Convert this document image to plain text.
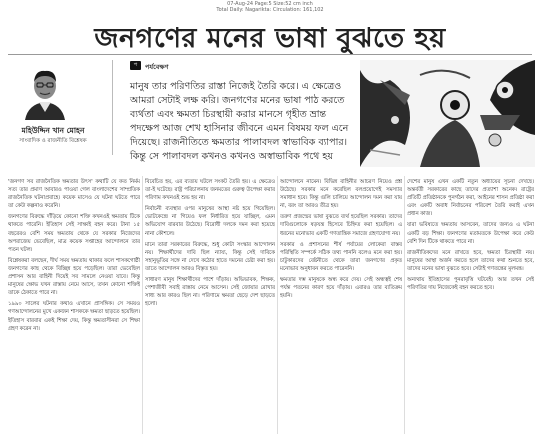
07-Aug-24 Page:5 Size:52 cm inch
Total Daily: Nagarikta: Circulation: 161,102
জনগণের মনের ভাষা বুঝতে হয়
মহিউদ্দিন খান মোহন
সাংবাদিক ও রাজনীতি বিশ্লেষক
প	পর্যবেক্ষণ
মানুষ তার পরিণতির রাস্তা নিজেই তৈরি করে। এ ক্ষেত্রেও আমরা সেটাই লক্ষ করি। জনগণের মনের ভাষা পাঠ করতে ব্যর্থতা এবং ক্ষমতা চিরস্থায়ী করার মানসে গৃহীত ভ্রান্ত পদক্ষেপ আজ শেখ হাসিনার জীবনে এমন বিষময় ফল এনে দিয়েছে। রাজনীতিতে ক্ষমতার পালাবদল স্বাভাবিক ব্যাপার। কিন্তু সে পালাবদল কখনও কখনও অস্বাভাবিক পথে হয়

'জনগণ সব রাজনৈতিক ক্ষমতার উৎস' কথাটি যে কত নির্মম সত্য তার প্রমাণ আবারও পাওয়া গেল বাংলাদেশের সাম্প্রতিক রাজনৈতিক ঘটনাপ্রবাহে। কয়েক মাসেও যে ঘটনা ঘটতে পারে তা কেউ কল্পনাও করেনি।

জনগণের বিরুদ্ধে দাঁড়িয়ে কোনো শক্তি কখনওই ক্ষমতায় টিকে থাকতে পারেনি। ইতিহাস সেই সাক্ষ্যই বহন করে। টানা ১৫ বছরেরও বেশি সময় ক্ষমতায় থেকে যে সরকার নিজেদের অপরাজেয় ভেবেছিল, মাত্র কয়েক সপ্তাহের আন্দোলনে তার পতন ঘটল।

বিশ্লেষকরা বলছেন, দীর্ঘ সময় ক্ষমতায় থাকার ফলে শাসকগোষ্ঠী জনগণের কাছ থেকে বিচ্ছিন্ন হয়ে পড়েছিল। তারা ভেবেছিল প্রশাসন আর বাহিনী দিয়েই সব সামলে নেওয়া যাবে। কিন্তু মানুষের ক্ষোভ যখন রাস্তায় নেমে আসে, তখন কোনো শক্তিই তাকে ঠেকাতে পারে না।

১৯৯০ সালের ঘটনার কথাও এখানে প্রাসঙ্গিক। সে সময়ও গণআন্দোলনের মুখে একজন শাসককে ক্ষমতা ছাড়তে হয়েছিল। ইতিহাস বারবার একই শিক্ষা দেয়, কিন্তু ক্ষমতাসীনরা সে শিক্ষা গ্রহণ করেন না।

বিবেচিত হয়, এর ব্যত্যয় ঘটলে সংকট তৈরি হয়। এ ক্ষেত্রেও তা-ই ঘটেছে। রাষ্ট্র পরিচালনায় জনমতের গুরুত্ব উপেক্ষা করার পরিণাম কখনওই শুভ হয় না।

নির্বাচনী ব্যবস্থার ওপর মানুষের আস্থা নষ্ট হয়ে গিয়েছিল। ভোটকেন্দ্রে না গিয়েও ফল নির্ধারিত হয়ে যাচ্ছিল, এমন অভিযোগ বারবার উঠেছে। বিরোধী দলকে দমন করা হয়েছে নানা কৌশলে।

মানে তারা সরকারের বিরুদ্ধে, শুধু কোটা সংস্কার আন্দোলন নয়। শিক্ষার্থীদের দাবি ছিল ন্যায্য, কিন্তু সেই দাবিকে সহানুভূতির সঙ্গে না দেখে কঠোর হাতে দমনের চেষ্টা করা হয়। তাতে আন্দোলন আরও বিস্তৃত হয়।

সাধারণ মানুষ শিক্ষার্থীদের পাশে দাঁড়ায়। অভিভাবক, শিক্ষক, পেশাজীবী সবাই রাস্তায় নেমে আসেন। সেই জোয়ার রোখার সাধ্য আর কারও ছিল না। পরিণামে ক্ষমতা ছেড়ে দেশ ছাড়তে হলো।

আন্দোলনে নামেন। বিভিন্ন বাহিনীর আচরণ নিয়েও প্রশ্ন উঠেছে। সরকার মনে করেছিল বলপ্রয়োগেই সমস্যার সমাধান হবে। কিন্তু গুলি চালিয়ে আন্দোলন দমন করা যায় না, বরং তা আরও তীব্র হয়।

তরুণ প্রজন্মের ভাষা বুঝতে ব্যর্থ হয়েছিল সরকার। তাদের দাবিগুলোকে ষড়যন্ত্র হিসেবে চিহ্নিত করা হয়েছিল। এ ধরনের মনোভাব একটি গণতান্ত্রিক সমাজে গ্রহণযোগ্য নয়।

সরকার ও প্রশাসনের শীর্ষ পর্যায়ের লোকেরা বাস্তব পরিস্থিতি সম্পর্কে সঠিক তথ্য পাননি বলেও মনে করা হয়। চাটুকারদের বেষ্টনীতে থেকে তারা জনগণের প্রকৃত মনোভাব অনুধাবন করতে পারেননি।

ক্ষমতার দম্ভ মানুষকে অন্ধ করে দেয়। সেই অন্ধত্বই শেষ পর্যন্ত পতনের কারণ হয়ে দাঁড়ায়। এবারও তার ব্যতিক্রম হয়নি।

দেশের মানুষ এখন একটি নতুন অধ্যায়ের সূচনা দেখছে। অন্তর্বর্তী সরকারের কাছে তাদের প্রত্যাশা অনেক। রাষ্ট্রের প্রতিটি প্রতিষ্ঠানকে পুনর্গঠন করা, আইনের শাসন প্রতিষ্ঠা করা এবং একটি অবাধ নির্বাচনের পরিবেশ তৈরি করাই এখন প্রধান কাজ।

যারা ভবিষ্যতে ক্ষমতায় আসবেন, তাদের জন্যও এ ঘটনা একটি বড় শিক্ষা। জনগণের মতামতকে উপেক্ষা করে কেউ বেশি দিন টিকে থাকতে পারে না।

রাজনীতিকদের মনে রাখতে হবে, ক্ষমতা চিরস্থায়ী নয়। মানুষের আস্থা অর্জন করতে হলে তাদের কথা শুনতে হবে, তাদের মনের ভাষা বুঝতে হবে। সেটাই গণতন্ত্রের মূলমন্ত্র।

অন্যথায় ইতিহাসের পুনরাবৃত্তি ঘটবেই। আর তখন সেই পরিণতির দায় নিজেকেই বহন করতে হবে।
